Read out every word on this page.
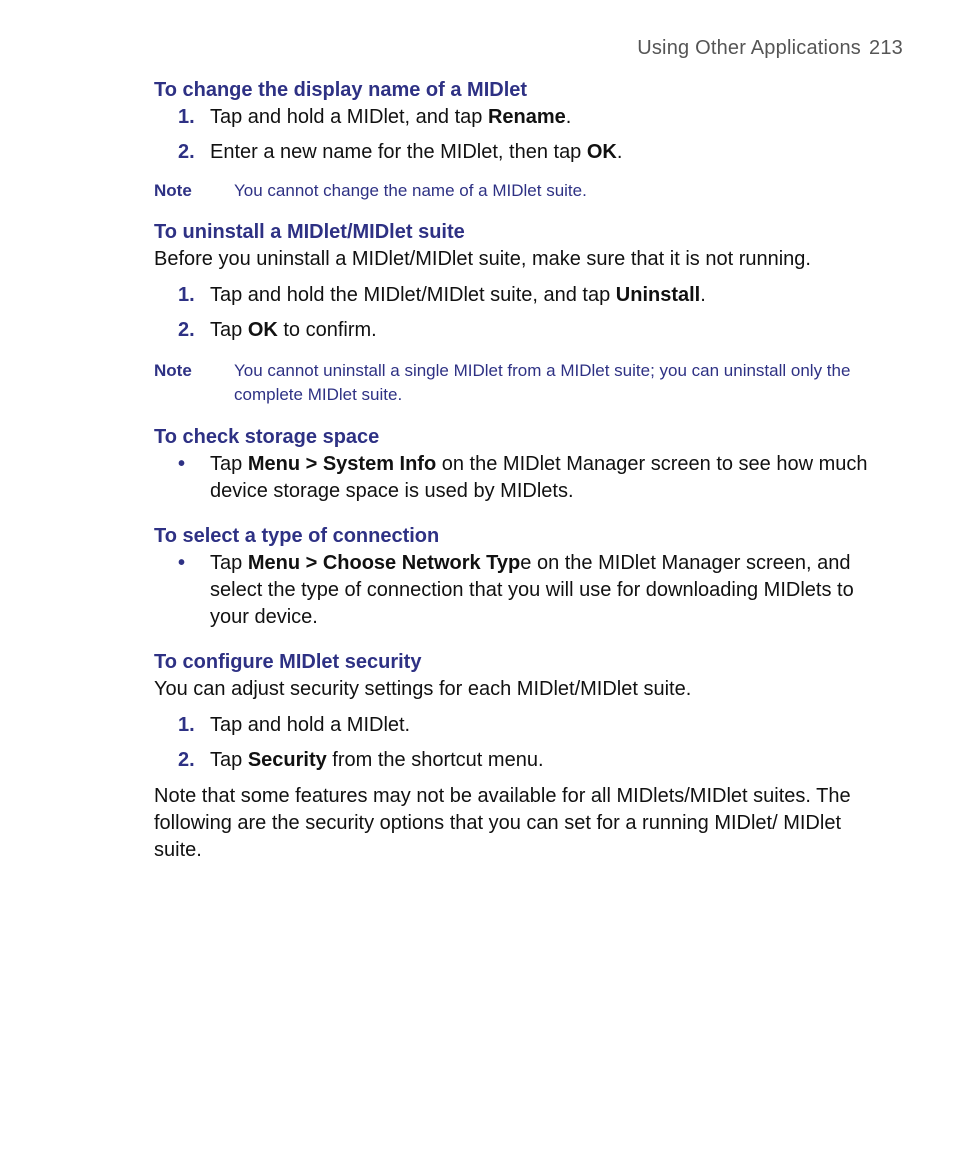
Using Other Applications 213
To change the display name of a MIDlet
1. Tap and hold a MIDlet, and tap Rename.
2. Enter a new name for the MIDlet, then tap OK.
Note You cannot change the name of a MIDlet suite.
To uninstall a MIDlet/MIDlet suite

Before you uninstall a MIDlet/MIDlet suite, make sure that it is not running.

1. Tap and hold the MIDlet/MIDlet suite, and tap Uninstall.
2. Tap OK to confirm.
Note You cannot uninstall a single MIDlet from a MIDlet suite; you can uninstall only the complete MIDlet suite.
To check storage space
• Tap Menu > System Info on the MIDlet Manager screen to see how much device storage space is used by MIDlets.
To select a type of connection
• Tap Menu > Choose Network Type on the MIDlet Manager screen, and select the type of connection that you will use for downloading MIDlets to your device.
To configure MIDlet security

You can adjust security settings for each MIDlet/MIDlet suite.

1. Tap and hold a MIDlet.
2. Tap Security from the shortcut menu.

Note that some features may not be available for all MIDlets/MIDlet suites. The following are the security options that you can set for a running MIDlet/ MIDlet suite.
